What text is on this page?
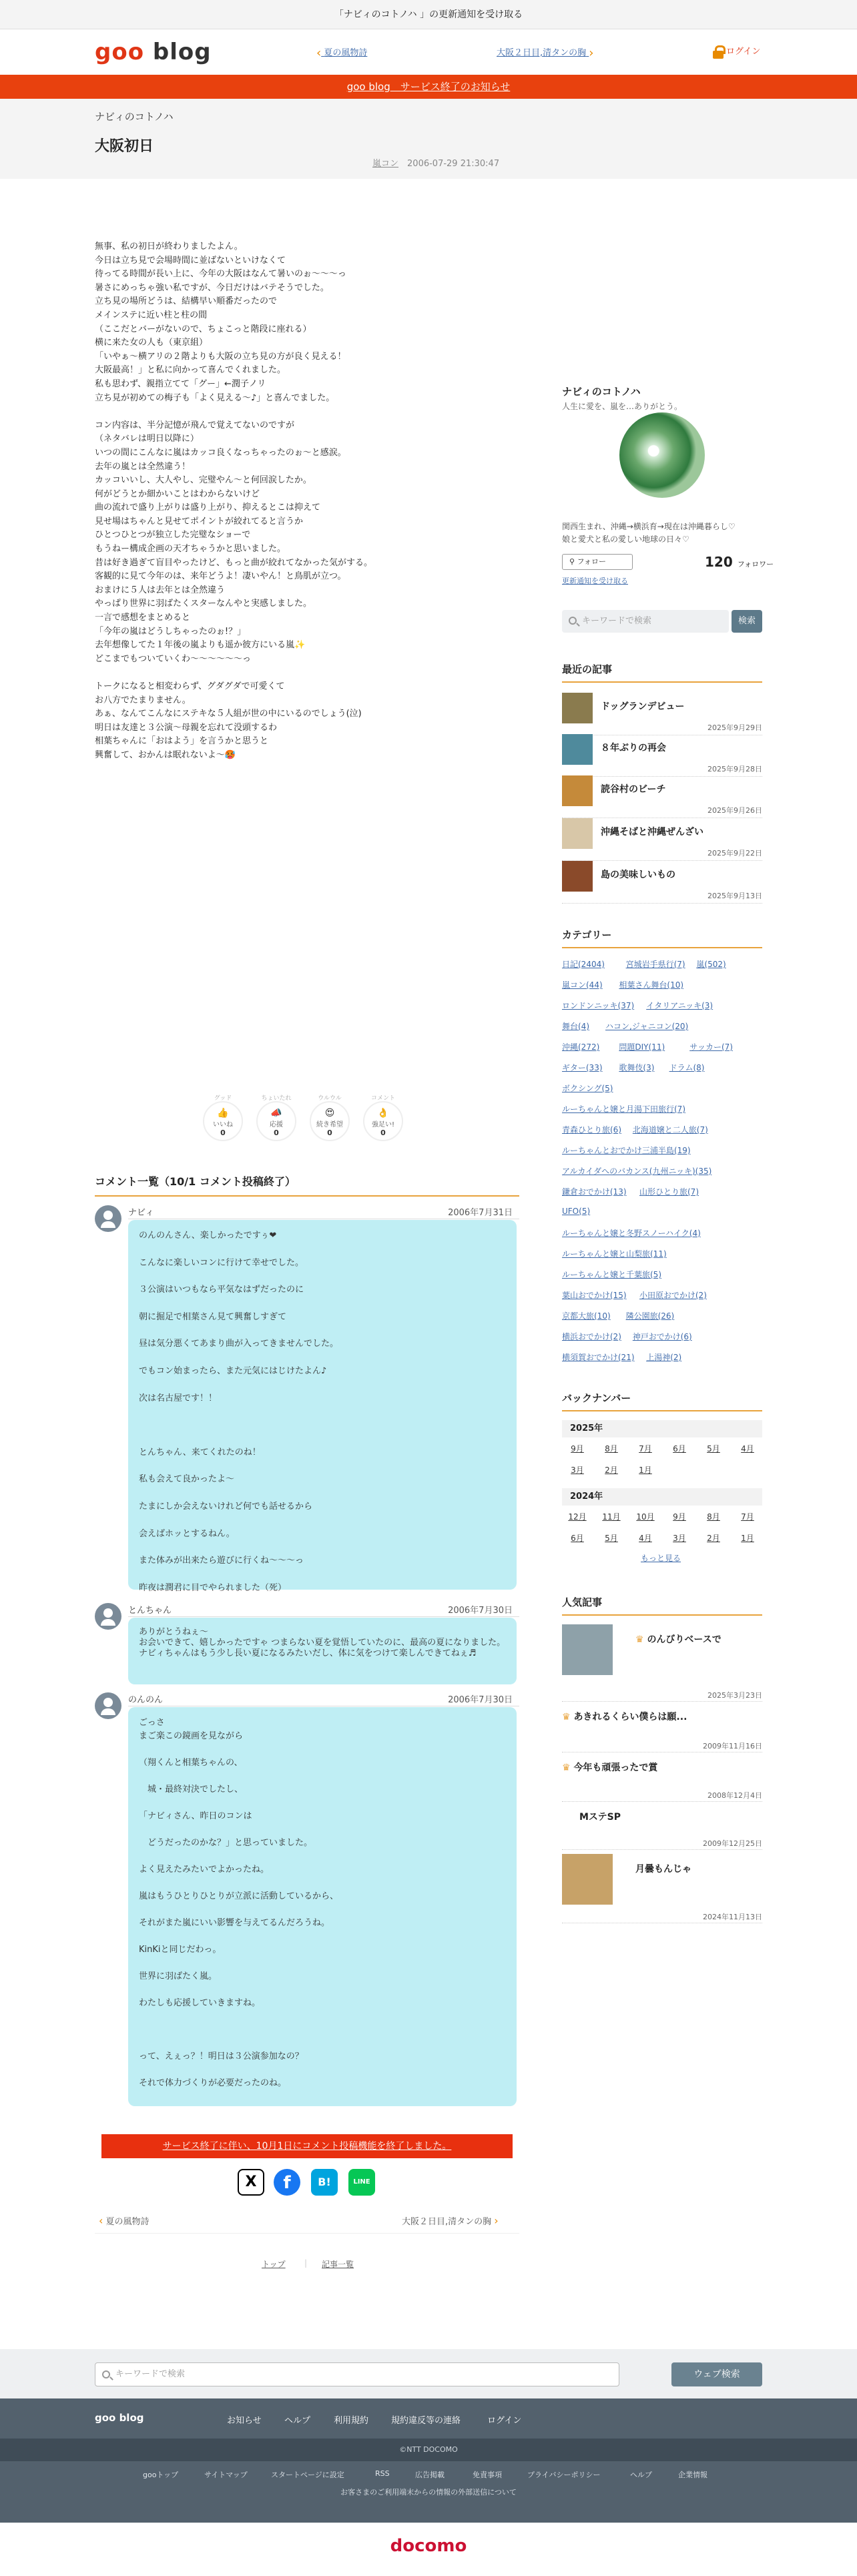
「ナビィのコトノハ 」の更新通知を受け取る
goo blog	‹ 夏の風物詩	大阪２日目,清タンの胸 ›	ログイン
goo blog　サービス終了のお知らせ
ナビィのコトノハ
大阪初日
嵐コン　 2006-07-29 21:30:47
無事、私の初日が終わりましたよん。
今日は立ち見で会場時間に並ばないといけなくて
待ってる時間が長い上に、今年の大阪はなんて暑いのぉ～～～っ
暑さにめっちゃ強い私ですが、今日だけはバテそうでした。
立ち見の場所どうは、結構早い順番だったので
メインステに近い柱と柱の間
（ここだとバーがないので、ちょこっと階段に座れる）
横に来た女の人も（東京組）
「いやぁ～横アリの２階よりも大阪の立ち見の方が良く見える！
大阪最高！」と私に向かって喜んでくれました。
私も思わず、親指立てて「グー」←潤子ノリ
立ち見が初めての梅子も「よく見える～♪」と喜んでました。

コン内容は、半分記憶が飛んで覚えてないのですが
（ネタバレは明日以降に）
いつの間にこんなに嵐はカッコ良くなっちゃったのぉ～と感涙。
去年の嵐とは全然違う！
カッコいいし、大人やし、完璧やん～と何回涙したか。
何がどうとか細かいことはわからないけど
曲の流れで盛り上がりは盛り上がり、抑えるとこは抑えて
見せ場はちゃんと見せてポイントが絞れてると言うか
ひとつひとつが独立した完璧なショーで
もうねー構成企画の天才ちゃうかと思いました。
昔は好き過ぎて盲目やったけど、もっと曲が絞れてなかった気がする。
客観的に見て今年のは、来年どうよ！凄いやん！と鳥肌が立つ。
おまけに５人は去年とは全然違う
やっぱり世界に羽ばたくスターなんやと実感しました。
一言で感想をまとめると
「今年の嵐はどうしちゃったのぉ!？」
去年想像してた１年後の嵐よりも遥か彼方にいる嵐✨
どこまでもついていくわ～～～～～～っ

トークになると相変わらず、グダグダで可愛くて
お八方でたまりません。
あぁ、なんてこんなにステキな５人組が世の中にいるのでしょう(泣)
明日は友達と３公演～母親を忘れて没頭するわ
相葉ちゃんに「おはよう」を言うかと思うと
興奮して、おかんは眠れないよ～🥵
グッド
👍
いいね
0
ちょいたれ
📣
応援
0
ウルウル
😍
続き希望
0
コメント
👌
強足い!
0
コメント一覧（10/1 コメント投稿終了）
ナビィ	2006年7月31日
のんのんさん、楽しかったですぅ❤

こんなに楽しいコンに行けて幸せでした。

３公演はいつもなら平気なはずだったのに

朝に掘足で相葉さん見て興奮しすぎて

昼は気分悪くてあまり曲が入ってきませんでした。

でもコン始まったら、また元気にはじけたよん♪

次は名古屋です！！

とんちゃん、来てくれたのね！

私も会えて良かったよ～

たまにしか会えないけれど何でも話せるから

会えばホッとするねん。

また体みが出来たら遊びに行くね～～～っ

昨夜は潤君に目でやられました（死）
とんちゃん	2006年7月30日
ありがとうねぇ～
お会いできて、嬉しかったですゃ つまらない夏を覚悟していたのに、最高の夏になりました。ナビィちゃんはもう少し長い夏になるみたいだし、体に気をつけて楽しんできてねぇ♬
のんのん	2006年7月30日
ごっさ
まご楽この鏡画を見ながら

（翔くんと相葉ちゃんの、

　城・最終対決でしたし、

「ナビィさん、昨日のコンは

　どうだったのかな？」と思っていました。

よく見えたみたいでよかったね。

嵐はもうひとりひとりが立派に活動しているから、

それがまた嵐にいい影響を与えてるんだろうね。

KinKiと同じだわっ。

世界に羽ばたく嵐。

わたしも応援していきますね。

って、えぇっ？！明日は３公演参加なの？

それで体力づくりが必要だったのね。
サービス終了に伴い、10月1日にコメント投稿機能を終了しました。
X	f	B!	LINE
‹ 夏の風物詩	大阪２日目,清タンの胸 ›
トップ | 記事一覧
ナビィのコトノハ
人生に愛を、嵐を…ありがとう。
関西生まれ、沖縄→横浜育→現在は沖縄暮らし♡
娘と愛犬と私の愛しい地球の日々♡
⚲ フォロー	120 フォロワー
更新通知を受け取る
キーワードで検索	検索
最近の記事
カテゴリー
バックナンバー
もっと見る
人気記事
キーワードで検索	ウェブ検索
goo blog
©NTT DOCOMO
お客さまのご利用端末からの情報の外部送信について
docomo
ドッグランデビュー
2025年9月29日
８年ぶりの再会
2025年9月28日
読谷村のビーチ
2025年9月26日
沖縄そばと沖縄ぜんざい
2025年9月22日
島の美味しいもの
2025年9月13日
日記(2404)	宮城岩手県行(7) 嵐(502)
嵐コン(44) 相葉さん舞台(10)
ロンドンニッキ(37) イタリアニッキ(3)
舞台(4) ハコン,ジャニコン(20)
沖縄(272) 問題DIY(11)	サッカー(7)
ギター(33) 歌舞伎(3) ドラム(8)
ボクシング(5)
ルーちゃんと嬢と月湯下田旅行(7)
青森ひとり旅(6) 北海道嬢と二人旅(7)
ルーちゃんとおでかけ三浦半島(19)
アルカイダへのバカンス(九州ニッキ)(35)
鎌倉おでかけ(13) 山形ひとり旅(7)
UFO(5)
ルーちゃんと嬢と冬野スノーハイク(4)
ルーちゃんと嬢と山梨旅(11)
ルーちゃんと嬢と千葉旅(5)
葉山おでかけ(15) 小田原おでかけ(2)
京都大旅(10) 隣公園旅(26)
横浜おでかけ(2) 神戸おでかけ(6)
横須賀おでかけ(21) 上湯神(2)
2025年
9月	8月	7月	6月	5月	4月
3月	2月	1月
2024年
12月 11月 10月	9月	8月	7月
6月	5月	4月	3月	2月	1月
♛ のんびりベースで
2025年3月23日
♛ あきれるくらい僕らは願...
2009年11月16日
♛ 今年も頑張ったで賞
2008年12月4日
MステSP
2009年12月25日
月曇もんじゃ
2024年11月13日
お知らせ	ヘルプ	利用規約	規約違反等の連絡	ログイン
gooトップ	サイトマップ	スタートページに設定	RSS	広告掲載	免責事項	プライバシーポリシー	ヘルプ	企業情報
